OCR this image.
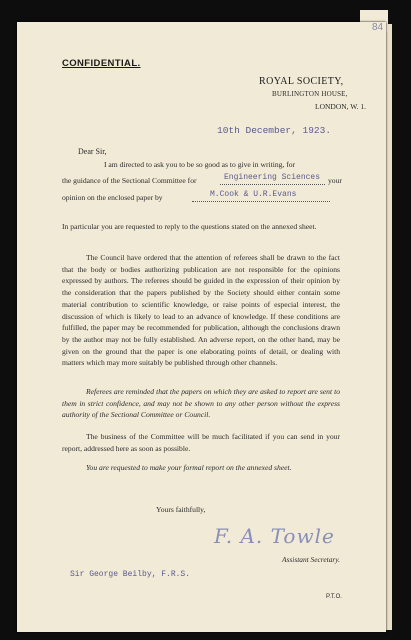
84
CONFIDENTIAL.
ROYAL SOCIETY,
BURLINGTON HOUSE,
LONDON, W. 1.
10th December, 1923.
Dear Sir,
I am directed to ask you to be so good as to give in writing, for
the guidance of the Sectional Committee for	Engineering Sciences your
opinion on the enclosed paper by	M.Cook & U.R.Evans
In particular you are requested to reply to the questions stated on the annexed sheet.
The Council have ordered that the attention of referees shall be drawn to the fact that the body or bodies authorizing publication are not responsible for the opinions expressed by authors. The referees should be guided in the expression of their opinion by the consideration that the papers published by the Society should either contain some material contribution to scientific knowledge, or raise points of especial interest, the discussion of which is likely to lead to an advance of knowledge. If these conditions are fulfilled, the paper may be recommended for publication, although the conclusions drawn by the author may not be fully established. An adverse report, on the other hand, may be given on the ground that the paper is one elaborating points of detail, or dealing with matters which may more suitably be published through other channels.
Referees are reminded that the papers on which they are asked to report are sent to them in strict confidence, and may not be shown to any other person without the express authority of the Sectional Committee or Council.
The business of the Committee will be much facilitated if you can send in your report, addressed here as soon as possible.
You are requested to make your formal report on the annexed sheet.
Yours faithfully,
F. A. Towle
Assistant Secretary.
Sir George Beilby, F.R.S.
P.T.O.
